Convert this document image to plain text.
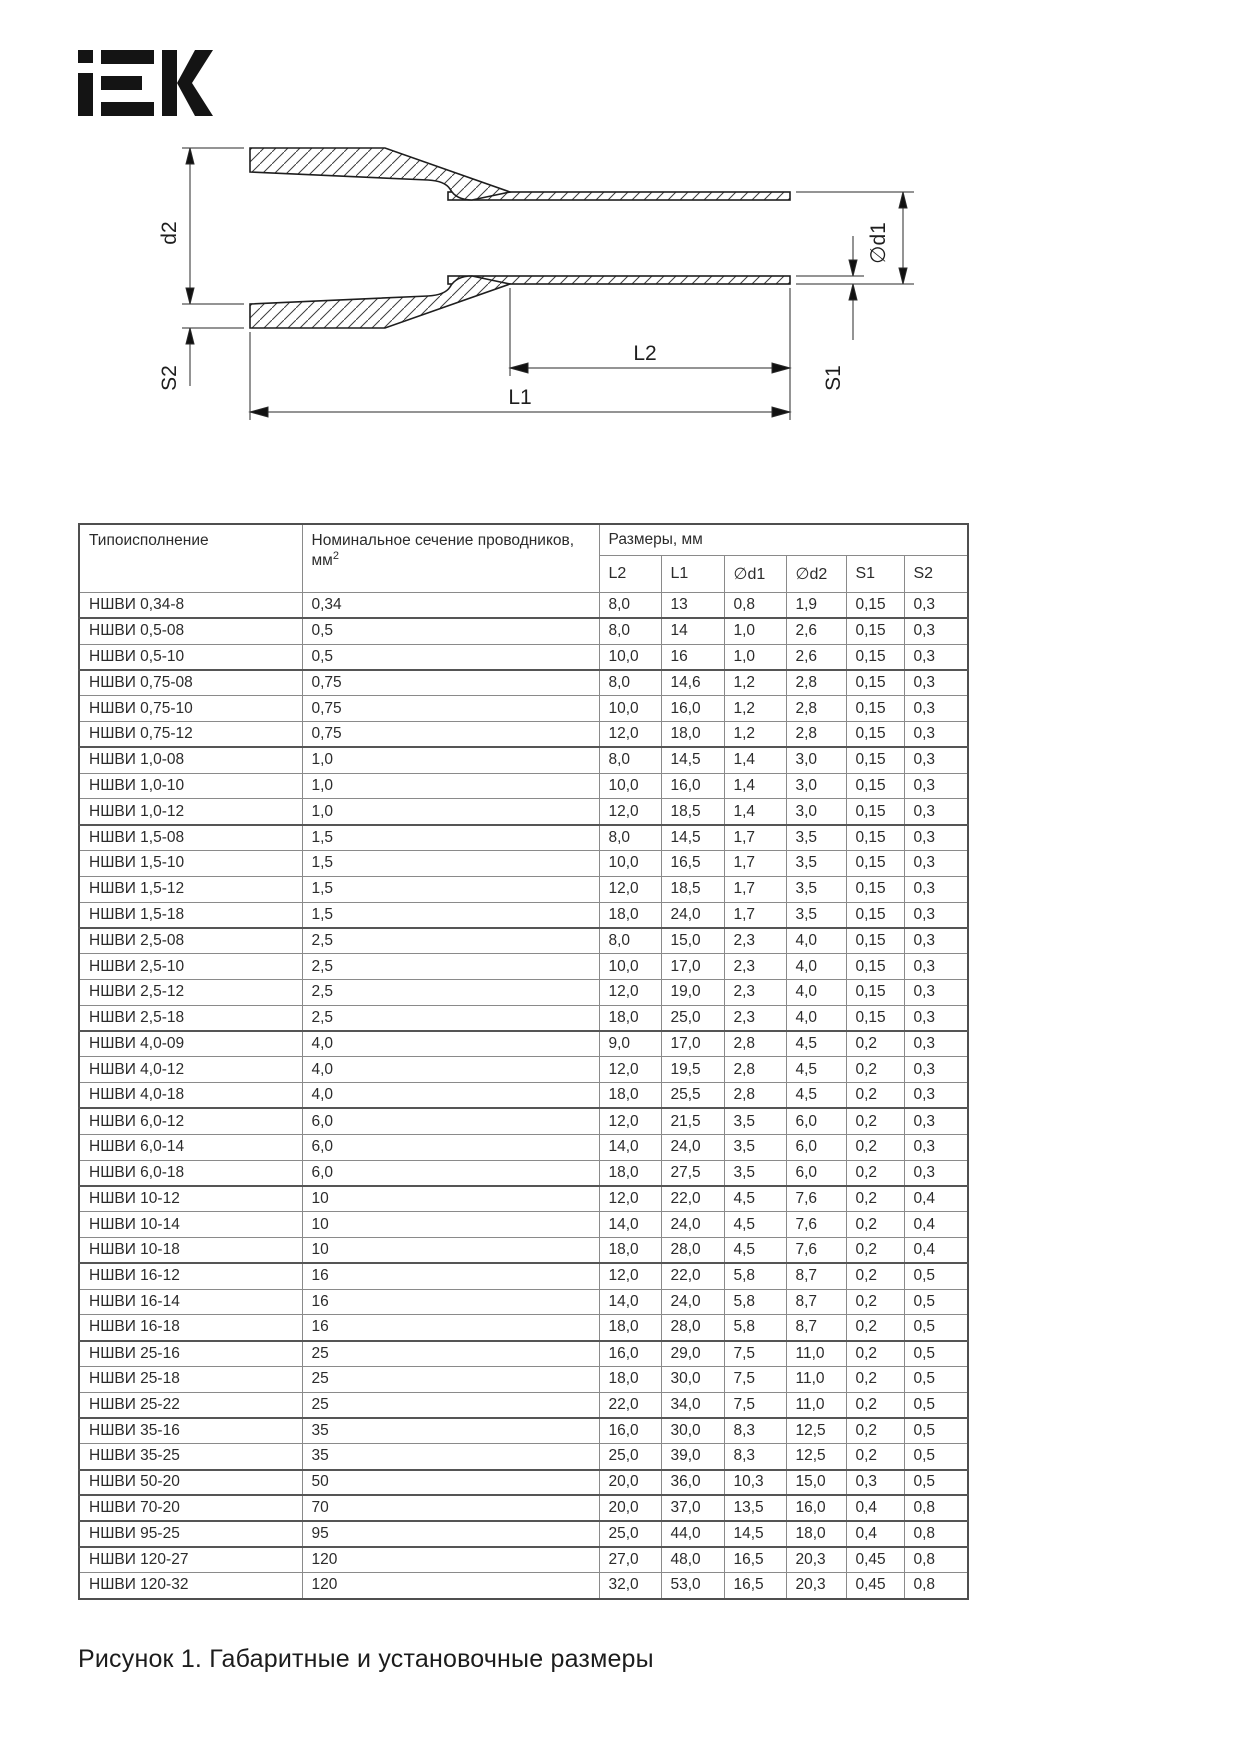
d2
S2
L2
L1
∅d1
S1
Типоисполнение	Номинальное сечение проводников, $мм^2$	Размеры, мм					
		L2	L1	∅d1	∅d2	S1	S2
НШВИ 0,34-8	0,34	8,0	13	0,8	1,9	0,15	0,3
НШВИ 0,5-08	0,5	8,0	14	1,0	2,6	0,15	0,3
НШВИ 0,5-10	0,5	10,0	16	1,0	2,6	0,15	0,3
НШВИ 0,75-08	0,75	8,0	14,6	1,2	2,8	0,15	0,3
НШВИ 0,75-10	0,75	10,0	16,0	1,2	2,8	0,15	0,3
НШВИ 0,75-12	0,75	12,0	18,0	1,2	2,8	0,15	0,3
НШВИ 1,0-08	1,0	8,0	14,5	1,4	3,0	0,15	0,3
НШВИ 1,0-10	1,0	10,0	16,0	1,4	3,0	0,15	0,3
НШВИ 1,0-12	1,0	12,0	18,5	1,4	3,0	0,15	0,3
НШВИ 1,5-08	1,5	8,0	14,5	1,7	3,5	0,15	0,3
НШВИ 1,5-10	1,5	10,0	16,5	1,7	3,5	0,15	0,3
НШВИ 1,5-12	1,5	12,0	18,5	1,7	3,5	0,15	0,3
НШВИ 1,5-18	1,5	18,0	24,0	1,7	3,5	0,15	0,3
НШВИ 2,5-08	2,5	8,0	15,0	2,3	4,0	0,15	0,3
НШВИ 2,5-10	2,5	10,0	17,0	2,3	4,0	0,15	0,3
НШВИ 2,5-12	2,5	12,0	19,0	2,3	4,0	0,15	0,3
НШВИ 2,5-18	2,5	18,0	25,0	2,3	4,0	0,15	0,3
НШВИ 4,0-09	4,0	9,0	17,0	2,8	4,5	0,2	0,3
НШВИ 4,0-12	4,0	12,0	19,5	2,8	4,5	0,2	0,3
НШВИ 4,0-18	4,0	18,0	25,5	2,8	4,5	0,2	0,3
НШВИ 6,0-12	6,0	12,0	21,5	3,5	6,0	0,2	0,3
НШВИ 6,0-14	6,0	14,0	24,0	3,5	6,0	0,2	0,3
НШВИ 6,0-18	6,0	18,0	27,5	3,5	6,0	0,2	0,3
НШВИ 10-12	10	12,0	22,0	4,5	7,6	0,2	0,4
НШВИ 10-14	10	14,0	24,0	4,5	7,6	0,2	0,4
НШВИ 10-18	10	18,0	28,0	4,5	7,6	0,2	0,4
НШВИ 16-12	16	12,0	22,0	5,8	8,7	0,2	0,5
НШВИ 16-14	16	14,0	24,0	5,8	8,7	0,2	0,5
НШВИ 16-18	16	18,0	28,0	5,8	8,7	0,2	0,5
НШВИ 25-16	25	16,0	29,0	7,5	11,0	0,2	0,5
НШВИ 25-18	25	18,0	30,0	7,5	11,0	0,2	0,5
НШВИ 25-22	25	22,0	34,0	7,5	11,0	0,2	0,5
НШВИ 35-16	35	16,0	30,0	8,3	12,5	0,2	0,5
НШВИ 35-25	35	25,0	39,0	8,3	12,5	0,2	0,5
НШВИ 50-20	50	20,0	36,0	10,3	15,0	0,3	0,5
НШВИ 70-20	70	20,0	37,0	13,5	16,0	0,4	0,8
НШВИ 95-25	95	25,0	44,0	14,5	18,0	0,4	0,8
НШВИ 120-27	120	27,0	48,0	16,5	20,3	0,45	0,8
НШВИ 120-32	120	32,0	53,0	16,5	20,3	0,45	0,8
Рисунок 1. Габаритные и установочные размеры
